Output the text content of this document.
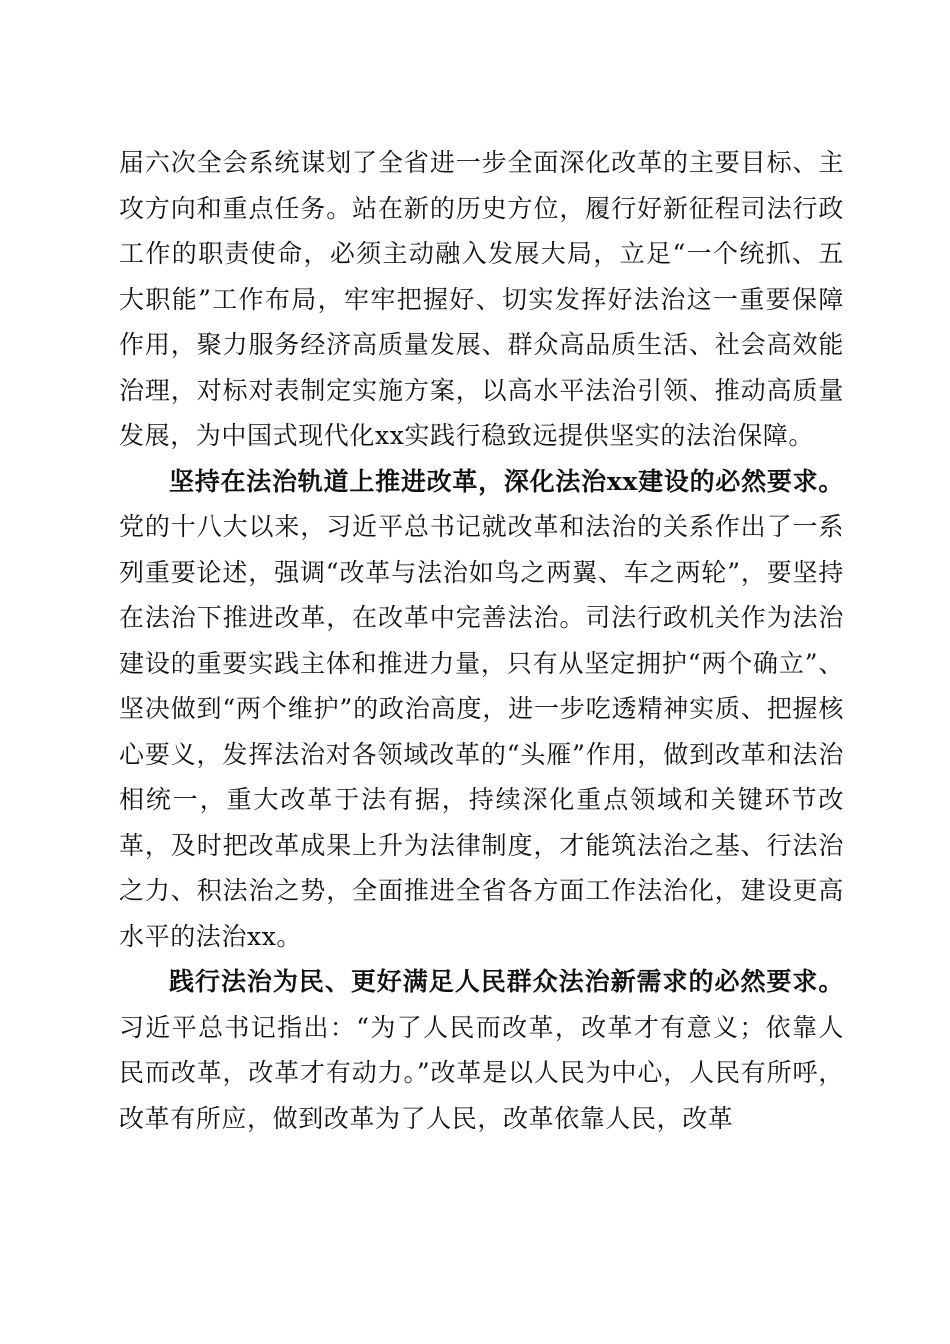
届六次全会系统谋划了全省进一步全面深化改革的主要目标、主攻方向和重点任务。站在新的历史方位，履行好新征程司法行政工作的职责使命，必须主动融入发展大局，立足“一个统抓、五大职能”工作布局，牢牢把握好、切实发挥好法治这一重要保障作用，聚力服务经济高质量发展、群众高品质生活、社会高效能治理，对标对表制定实施方案，以高水平法治引领、推动高质量发展，为中国式现代化xx实践行稳致远提供坚实的法治保障。

坚持在法治轨道上推进改革，深化法治xx建设的必然要求。党的十八大以来，习近平总书记就改革和法治的关系作出了一系列重要论述，强调“改革与法治如鸟之两翼、车之两轮”，要坚持在法治下推进改革，在改革中完善法治。司法行政机关作为法治建设的重要实践主体和推进力量，只有从坚定拥护“两个确立”、坚决做到“两个维护”的政治高度，进一步吃透精神实质、把握核心要义，发挥法治对各领域改革的“头雁”作用，做到改革和法治相统一，重大改革于法有据，持续深化重点领域和关键环节改革，及时把改革成果上升为法律制度，才能筑法治之基、行法治之力、积法治之势，全面推进全省各方面工作法治化，建设更高水平的法治xx。

践行法治为民、更好满足人民群众法治新需求的必然要求。习近平总书记指出：“为了人民而改革，改革才有意义；依靠人民而改革，改革才有动力。”改革是以人民为中心，人民有所呼，改革有所应，做到改革为了人民，改革依靠人民，改革
